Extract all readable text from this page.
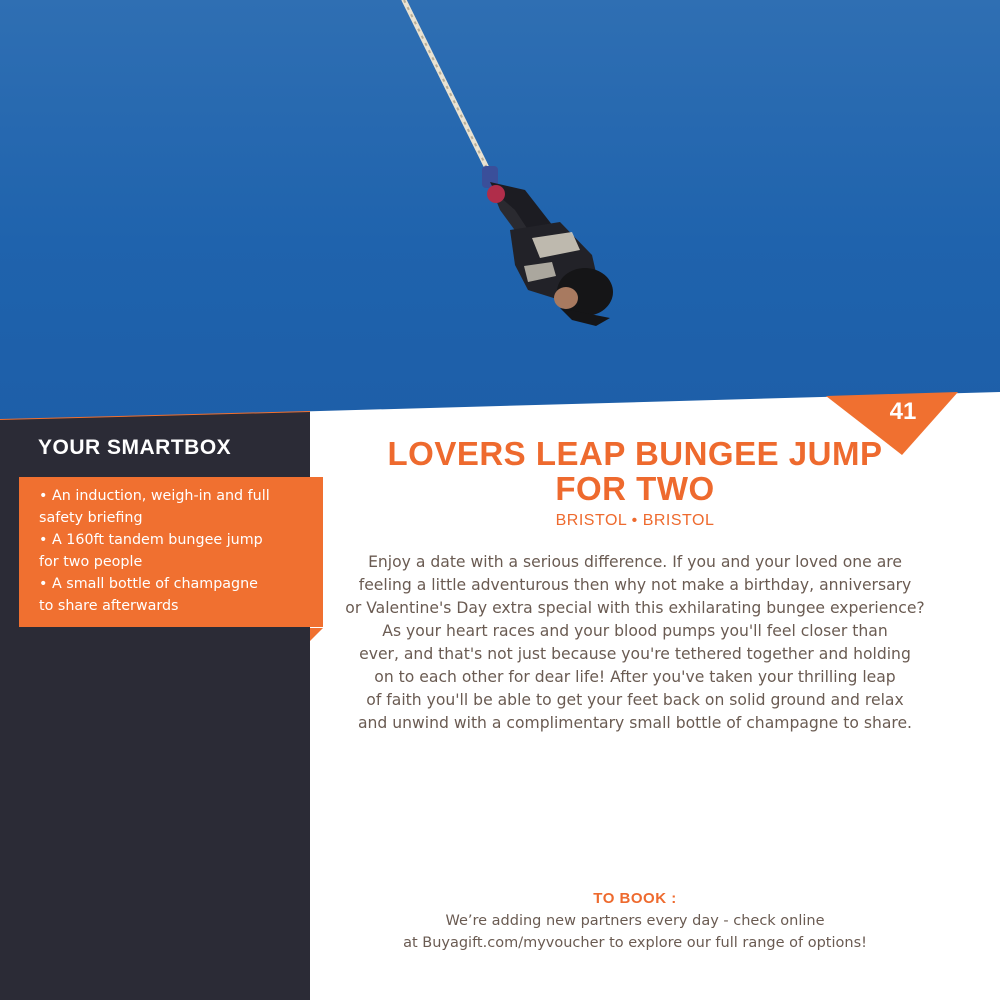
YOUR SMARTBOX
• An induction, weigh-in and full
safety briefing
• A 160ft tandem bungee jump
for two people
• A small bottle of champagne
to share afterwards
41
LOVERS LEAP BUNGEE JUMP
FOR TWO
BRISTOL • BRISTOL
Enjoy a date with a serious difference. If you and your loved one are
feeling a little adventurous then why not make a birthday, anniversary
or Valentine's Day extra special with this exhilarating bungee experience?
As your heart races and your blood pumps you'll feel closer than
ever, and that's not just because you're tethered together and holding
on to each other for dear life! After you've taken your thrilling leap
of faith you'll be able to get your feet back on solid ground and relax
and unwind with a complimentary small bottle of champagne to share.
TO BOOK :
We’re adding new partners every day - check online
at Buyagift.com/myvoucher to explore our full range of options!
